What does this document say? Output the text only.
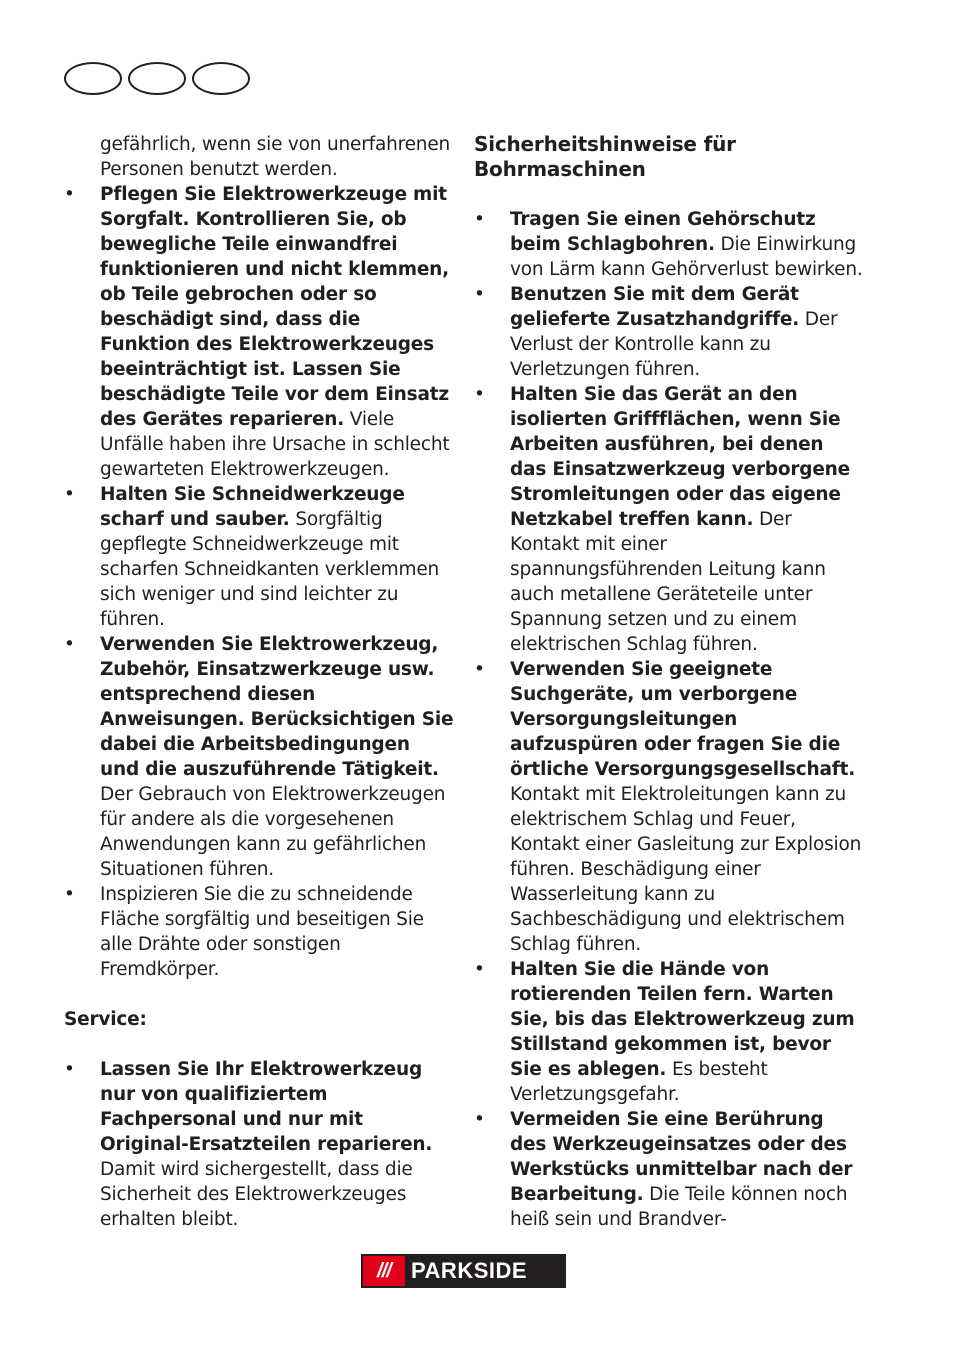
gefährlich, wenn sie von unerfahrenen Personen benutzt werden.
•	Pflegen Sie Elektrowerkzeuge mit Sorgfalt. Kontrollieren Sie, ob bewegliche Teile einwandfrei funktionieren und nicht klemmen, ob Teile gebrochen oder so beschädigt sind, dass die Funktion des Elektrowerkzeuges beeinträchtigt ist. Lassen Sie beschädigte Teile vor dem Einsatz des Gerätes reparieren. Viele Unfälle haben ihre Ursache in schlecht gewarteten Elektrowerkzeugen.
•	Halten Sie Schneidwerkzeuge scharf und sauber. Sorgfältig gepflegte Schneidwerkzeuge mit scharfen Schneidkanten verklemmen sich weniger und sind leichter zu führen.
•	Verwenden Sie Elektrowerkzeug, Zubehör, Einsatzwerkzeuge usw. entsprechend diesen Anweisungen. Berücksichtigen Sie dabei die Arbeitsbedingungen und die auszuführende Tätigkeit. Der Gebrauch von Elektrowerkzeugen für andere als die vorgesehenen Anwendungen kann zu gefährlichen Situationen führen.
•	Inspizieren Sie die zu schneidende Fläche sorgfältig und beseitigen Sie alle Drähte oder sonstigen Fremdkörper.
Service:
•	Lassen Sie Ihr Elektrowerkzeug nur von qualifiziertem Fachpersonal und nur mit Original-Ersatzteilen reparieren.
Damit wird sichergestellt, dass die Sicherheit des Elektrowerkzeuges erhalten bleibt.
Sicherheitshinweise für Bohrmaschinen
•	Tragen Sie einen Gehörschutz beim Schlagbohren. Die Einwirkung von Lärm kann Gehörverlust bewirken.
•	Benutzen Sie mit dem Gerät gelieferte Zusatzhandgriffe. Der Verlust der Kontrolle kann zu Verletzungen führen.
•	Halten Sie das Gerät an den isolierten Griffflächen, wenn Sie Arbeiten ausführen, bei denen das Einsatzwerkzeug verborgene Stromleitungen oder das eigene Netzkabel treffen kann. Der Kontakt mit einer spannungsführenden Leitung kann auch metallene Geräteteile unter Spannung setzen und zu einem elektrischen Schlag führen.
•	Verwenden Sie geeignete Suchgeräte, um verborgene Versorgungsleitungen aufzuspüren oder fragen Sie die örtliche Versorgungsgesellschaft. Kontakt mit Elektroleitungen kann zu elektrischem Schlag und Feuer, Kontakt einer Gasleitung zur Explosion führen. Beschädigung einer Wasserleitung kann zu Sachbeschädigung und elektrischem Schlag führen.
•	Halten Sie die Hände von rotierenden Teilen fern. Warten Sie, bis das Elektrowerkzeug zum Stillstand gekommen ist, bevor Sie es ablegen. Es besteht Verletzungsgefahr.
•	Vermeiden Sie eine Berührung des Werkzeugeinsatzes oder des Werkstücks unmittelbar nach der Bearbeitung. Die Teile können noch heiß sein und Brandver-
/// PARKSIDE
